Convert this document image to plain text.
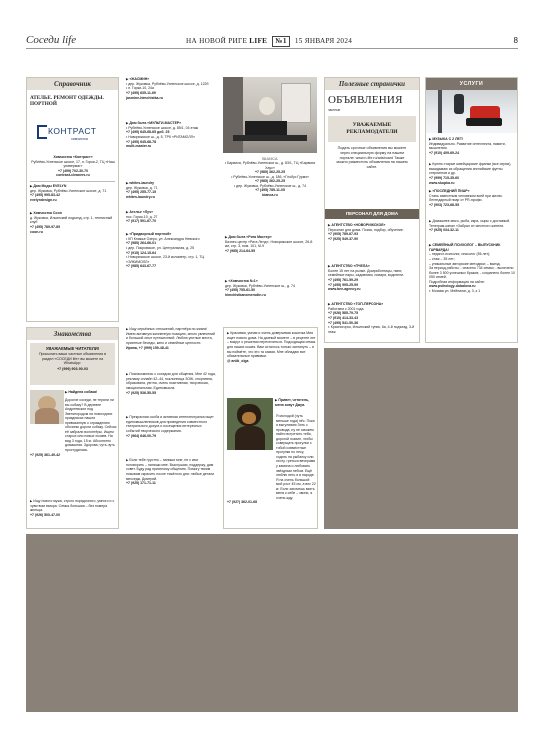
Соседи life	НА НОВОЙ РИГЕ LIFE №1 15 ЯНВАРЯ 2024	8
Справочник
АТЕЛЬЕ. РЕМОНТ ОДЕЖДЫ. ПОРТНОЙ
КОНТРАСТ
химчистка

Химчистка «Контраст»

Рублёво-Успенское шоссе, 17, п. Горки-2, ТЦ «Наш универмаг»

+7 (499) 702-30-70

contrast-cleaners.ru

▶ Дом Моды EVELYN

дер. Жуковка, Рублёво-Успенское шоссе, д. 71

+7 (495) 995-83-42

evelyndesign.ru

▶ Химчистка Coon

д. Жуковка, Ильинский подъезд, стр. 1, теннисный клуб

+7 (495) 789-97-89

coon.ru

▶ «ЖАСМИН»

• дер. Жуковка, Рублёво-Успенское шоссе, д. 122б

• п. Горки-10, 24а

+7 (495) 635-11-69

jasmine-himchistka.ru

▶ Дом быта «МУЛЬТИ-МАСТЕР»

• Рублёво-Успенское шоссе, д. 85/1, 04 этаж

+7 (495) 645-68-65 доб. 25

• Новорижское ш., д. 5, ТРК «РИГАМОЛЛ»

+7 (495) 645-68-78

multi-master.ru

▶ whites-laundry

дер. Жуковка, д. 71

+7 (495) 255-77-15

whites-laundry.ru

▶ Ателье «Луч»

пос. Горки-10, д. 27

+7 (917) 591-67-70

▶ «Придворный портной»

• КП Княжье Озеро, ул. Александра Невского

+7 (985) 264-66-01

• дер. Покровское, ул. Центральная, д. 25

+7 (915) 124-15-64

• Новорижское шоссе, 23-й километр, стр. 1, ТЦ «ЭЛКИМОЛЛ»

+7 (985) 643-67-77

BIANCA

• Барвиха, Рублёво-Успенское ш., д. 83/1, ТЦ «Барвиха Хаус»

+7 (985) 362-25-25

• Рублёво-Успенское ш., д. 186, «Глобус Гурмэ»

+7 (985) 362-25-25

• дер. Жуковка, Рублёво-Успенское ш., д. 74

+7 (495) 785-11-05

bianca.ru

▶ Дом быта «Рига Мастер»

Бизнес-центр «Рига Ленд», Новорижское шоссе, 26-й км, стр. 3, пом. 101, М-9

+7 (985) 214-64-55

▶ «Химчистка №1»

дер. Жуковка, Рублёво-Успенское ш., д. 74

+7 (495) 755-61-50

himchistkanomerodin.ru

Полезные странички
ОБЪЯВЛЕНИЯ
частные
УВАЖАЕМЫЕ РЕКЛАМОДАТЕЛИ
Подать срочные объявления вы можете через специальную форму на нашем портале: www.n-life.ru/adsboard Также можно разместить объявления на нашем сайте.
ПЕРСОНАЛ ДЛЯ ДОМА

▶ АГЕНТСТВО «НОВОРИЖСКОЕ»

Персонал для дома. Поиск, подбор, обучение.

+7 (905) 789-67-93

+7 (925) 549-37-90

▶ АГЕНТСТВО «ПЧЕЛА»

Более 15 лет на рынке. Домработницы, няни, семейные пары, садовники, повара, водители.

+7 (495) 761-59-29

+7 (495) 995-25-99

www.bee-agency.ru

▶ АГЕНТСТВО «ТОП-ПЕРСОНА»

Работаем с 2001 года.

+7 (926) 585-79-75

+7 (910) 414-33-43

+7 (495) 541-50-36

г. Красногорск, Ильинский тупик, 6а, 4-й подъезд, 3-й этаж

УСЛУГИ

▶ МУЗЫКА С 2 ЛЕТ!

Индивидуально. Развитие интеллекта, памяти, мышления.

+7 (910) 409-69-24

▶ Куплю старые швейцарские франки (все серии), выкидываю из обращения английские фунты стерлингов и др.

+7 (999) 715-35-60

www.skupka.ru

▶ «ПОСЛЕДНИЙ ПИАР»

Стань известным человеком всей при жизни. Легендарный пиар от PR-профи.

+7 (903) 723-68-55

▶ Домашнее мясо, рыба, икра, сыры с доставкой. Телеграм-канал «Забрал я» местного жителя.

+7 (925) 034-32-11

▶ СЕМЕЙНЫЙ ПСИХОЛОГ – ВЫПУСКНИК ГАРВАРДА!

– педагог-психолог, сексолог (56 лет);

– стаж – 35 лет;

– уникальные авторские методики; – выезд.

За период работы: - спасено 734 семьи; - вылечено более 3 500 успешных браков; - сохранено более 10 050 семей.

Подробная информация на сайте:

www.psihology-dobalova.ru

г. Москва ул. Мейнинаг, д. 3, к 1

Знакомства

УВАЖАЕМЫЕ ЧИТАТЕЛИ!

Присылать ваши частные объявления в раздел «СОСЕДИ life» вы можете на WhatsApp:

+7 (999) 903-90-03

▶ Найдена собака!

Дорогие соседи, не теряли ли вы собаку? В деревне Андреевское под Звенигородом на новогодних праздниках нашли привязанную к ограждению обочины дороги собаку. Сейчас её забрали волонтёры. Ищем старых или новых хозяев. На вид 3 года, 15 кг. Абсолютно домашняя. Здорова, чуть-чуть простудилась.

+7 (925) 361-49-42

▶ Ищу нового мужа, строго порядочного, умного и с чувством юмора. Семья большая – без номера жильца.

+7 (926) 500-47-00

▶ Ищу серьёзных отношений, партнёра по жизни! Имею активную жизненную позицию, много увлечений и большой опыт путешествий. Люблю уютные места, приятные беседы, кино и семейные ценности.

Ирина, +7 (999) 159-48-41

▶ Познакомлюсь с соседом для общения. Мне 42 года, рекламу онлайн 42–44, поклонница ЗОЖ, спортивна, образована, уютна, очень позитивная, творческая, эмоциональная. Единомысла.

+7 (925) 536-55-55

▶ Прекрасная особа и активная интеллектуалка ищет единомышленников для проведения совместного театрального досуга и посещения интересных событий творческого содержания.

+7 (964) 646-00-79

▶ Если тебе грустно – напиши мне, не с кем поговорить – напиши мне. Выслушаю, поддержу, дам совет. Буду рад приятному общению. Помогу твоим позывам скрасить после тяжёлого дня: любые детали месседж, Дмитрий.

+7 (925) 171-71-11

▶ Красивая, умная и очень доверчивая кошечка Мия ищет нового дома. На данный момент – в рецепте лет – вокруг о решении переселиться. Подходящая семья для наших кошек. Вам осталось только заглянуть – и вы поймёте, что это та самая. Мне обладаю все обязательные прививки.

@ aniik_olga

▶ Привет, четатель, меня зовут Джуи.

Я молодой (чуть меньше года) пёс. Пока я выгуливаю Зять с провода, ну не сможем найти встретить тебя, дорогой хозяин, чтобы соверщать прогулки с тобой совместные прогулки по лесу, ходить на рыбалку или охоту, греться вечерами у камина и любовать звёздным небом. Ещё люблю петь я в народе. Я на очень большой: мой рост 45 см, а вес 22 кг. Если захочешь взять меня к себе – звони, я очень жду.

+7 (927) 362-01-68
